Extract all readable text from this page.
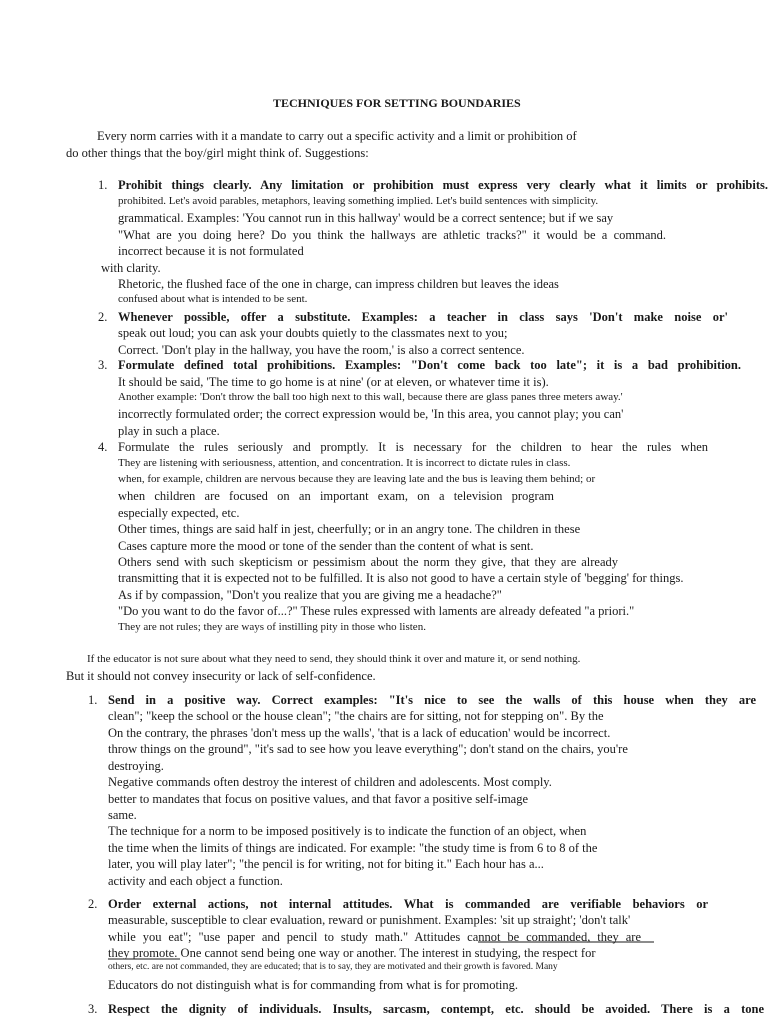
TECHNIQUES FOR SETTING BOUNDARIES
Every norm carries with it a mandate to carry out a specific activity and a limit or prohibition of
do other things that the boy/girl might think of. Suggestions:
1. Prohibit things clearly. Any limitation or prohibition must express very clearly what it limits or prohibits.
prohibited. Let's avoid parables, metaphors, leaving something implied. Let's build sentences with simplicity.
grammatical. Examples: 'You cannot run in this hallway' would be a correct sentence; but if we say
"What are you doing here? Do you think the hallways are athletic tracks?" it would be a command.
incorrect because it is not formulated
with clarity.
Rhetoric, the flushed face of the one in charge, can impress children but leaves the ideas
confused about what is intended to be sent.
2. Whenever possible, offer a substitute. Examples: a teacher in class says 'Don't make noise or'
speak out loud; you can ask your doubts quietly to the classmates next to you;
Correct. 'Don't play in the hallway, you have the room,' is also a correct sentence.
3. Formulate defined total prohibitions. Examples: "Don't come back too late"; it is a bad prohibition.
It should be said, 'The time to go home is at nine' (or at eleven, or whatever time it is).
Another example: 'Don't throw the ball too high next to this wall, because there are glass panes three meters away.'
incorrectly formulated order; the correct expression would be, 'In this area, you cannot play; you can'
play in such a place.
4. Formulate the rules seriously and promptly. It is necessary for the children to hear the rules when
They are listening with seriousness, attention, and concentration. It is incorrect to dictate rules in class.
when, for example, children are nervous because they are leaving late and the bus is leaving them behind; or
when children are focused on an important exam, on a television program
especially expected, etc.
Other times, things are said half in jest, cheerfully; or in an angry tone. The children in these
Cases capture more the mood or tone of the sender than the content of what is sent.
Others send with such skepticism or pessimism about the norm they give, that they are already
transmitting that it is expected not to be fulfilled. It is also not good to have a certain style of 'begging' for things.
As if by compassion, "Don't you realize that you are giving me a headache?"
"Do you want to do the favor of...?" These rules expressed with laments are already defeated "a priori."
They are not rules; they are ways of instilling pity in those who listen.
If the educator is not sure about what they need to send, they should think it over and mature it, or send nothing.
But it should not convey insecurity or lack of self-confidence.
1. Send in a positive way. Correct examples: "It's nice to see the walls of this house when they are
clean"; "keep the school or the house clean"; "the chairs are for sitting, not for stepping on". By the
On the contrary, the phrases 'don't mess up the walls', 'that is a lack of education' would be incorrect.
throw things on the ground", "it's sad to see how you leave everything"; don't stand on the chairs, you're
destroying.
Negative commands often destroy the interest of children and adolescents. Most comply.
better to mandates that focus on positive values, and that favor a positive self-image
same.
The technique for a norm to be imposed positively is to indicate the function of an object, when
the time when the limits of things are indicated. For example: "the study time is from 6 to 8 of the
later, you will play later"; "the pencil is for writing, not for biting it." Each hour has a...
activity and each object a function.
2. Order external actions, not internal attitudes. What is commanded are verifiable behaviors or
measurable, susceptible to clear evaluation, reward or punishment. Examples: 'sit up straight'; 'don't talk'
while you eat"; "use paper and pencil to study math." Attitudes cannot be commanded, they are
they promote. One cannot send being one way or another. The interest in studying, the respect for
others, etc. are not commanded, they are educated; that is to say, they are motivated and their growth is favored. Many
Educators do not distinguish what is for commanding from what is for promoting.
3. Respect the dignity of individuals. Insults, sarcasm, contempt, etc. should be avoided. There is a tone
